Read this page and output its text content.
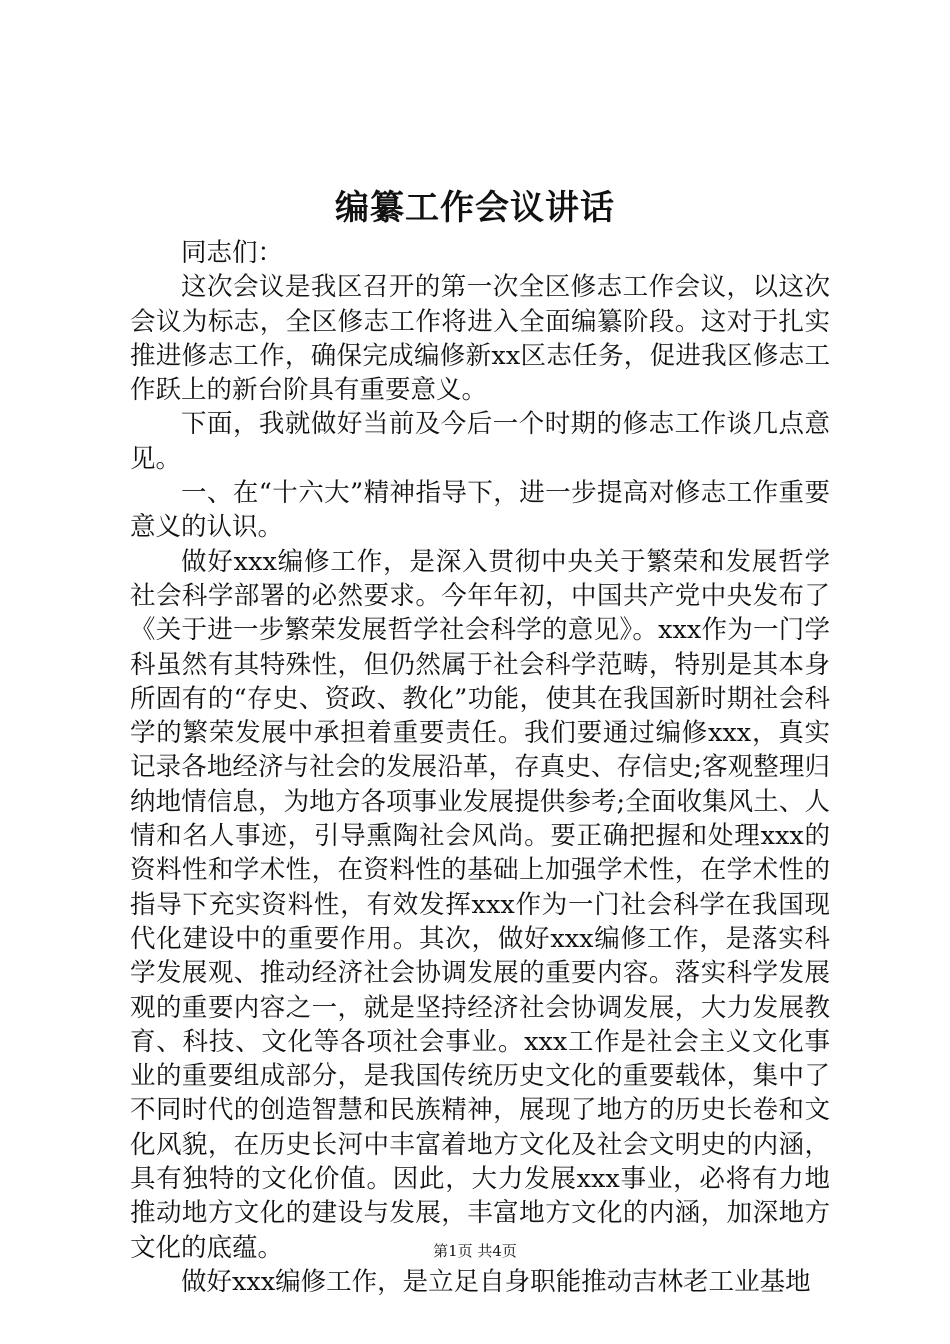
编纂工作会议讲话

同志们：

这次会议是我区召开的第一次全区修志工作会议，以这次会议为标志，全区修志工作将进入全面编纂阶段。这对于扎实推进修志工作，确保完成编修新xx区志任务，促进我区修志工作跃上的新台阶具有重要意义。

下面，我就做好当前及今后一个时期的修志工作谈几点意见。

一、在“十六大”精神指导下，进一步提高对修志工作重要意义的认识。

做好xxx编修工作，是深入贯彻中央关于繁荣和发展哲学社会科学部署的必然要求。今年年初，中国共产党中央发布了《关于进一步繁荣发展哲学社会科学的意见》。xxx作为一门学科虽然有其特殊性，但仍然属于社会科学范畴，特别是其本身所固有的“存史、资政、教化”功能，使其在我国新时期社会科学的繁荣发展中承担着重要责任。我们要通过编修xxx，真实记录各地经济与社会的发展沿革，存真史、存信史;客观整理归纳地情信息，为地方各项事业发展提供参考;全面收集风土、人情和名人事迹，引导熏陶社会风尚。要正确把握和处理xxx的资料性和学术性，在资料性的基础上加强学术性，在学术性的指导下充实资料性，有效发挥xxx作为一门社会科学在我国现代化建设中的重要作用。其次，做好xxx编修工作，是落实科学发展观、推动经济社会协调发展的重要内容。落实科学发展观的重要内容之一，就是坚持经济社会协调发展，大力发展教育、科技、文化等各项社会事业。xxx工作是社会主义文化事业的重要组成部分，是我国传统历史文化的重要载体，集中了不同时代的创造智慧和民族精神，展现了地方的历史长卷和文化风貌，在历史长河中丰富着地方文化及社会文明史的内涵，具有独特的文化价值。因此，大力发展xxx事业，必将有力地推动地方文化的建设与发展，丰富地方文化的内涵，加深地方文化的底蕴。

做好xxx编修工作，是立足自身职能推动吉林老工业基地

第1页 共4页
